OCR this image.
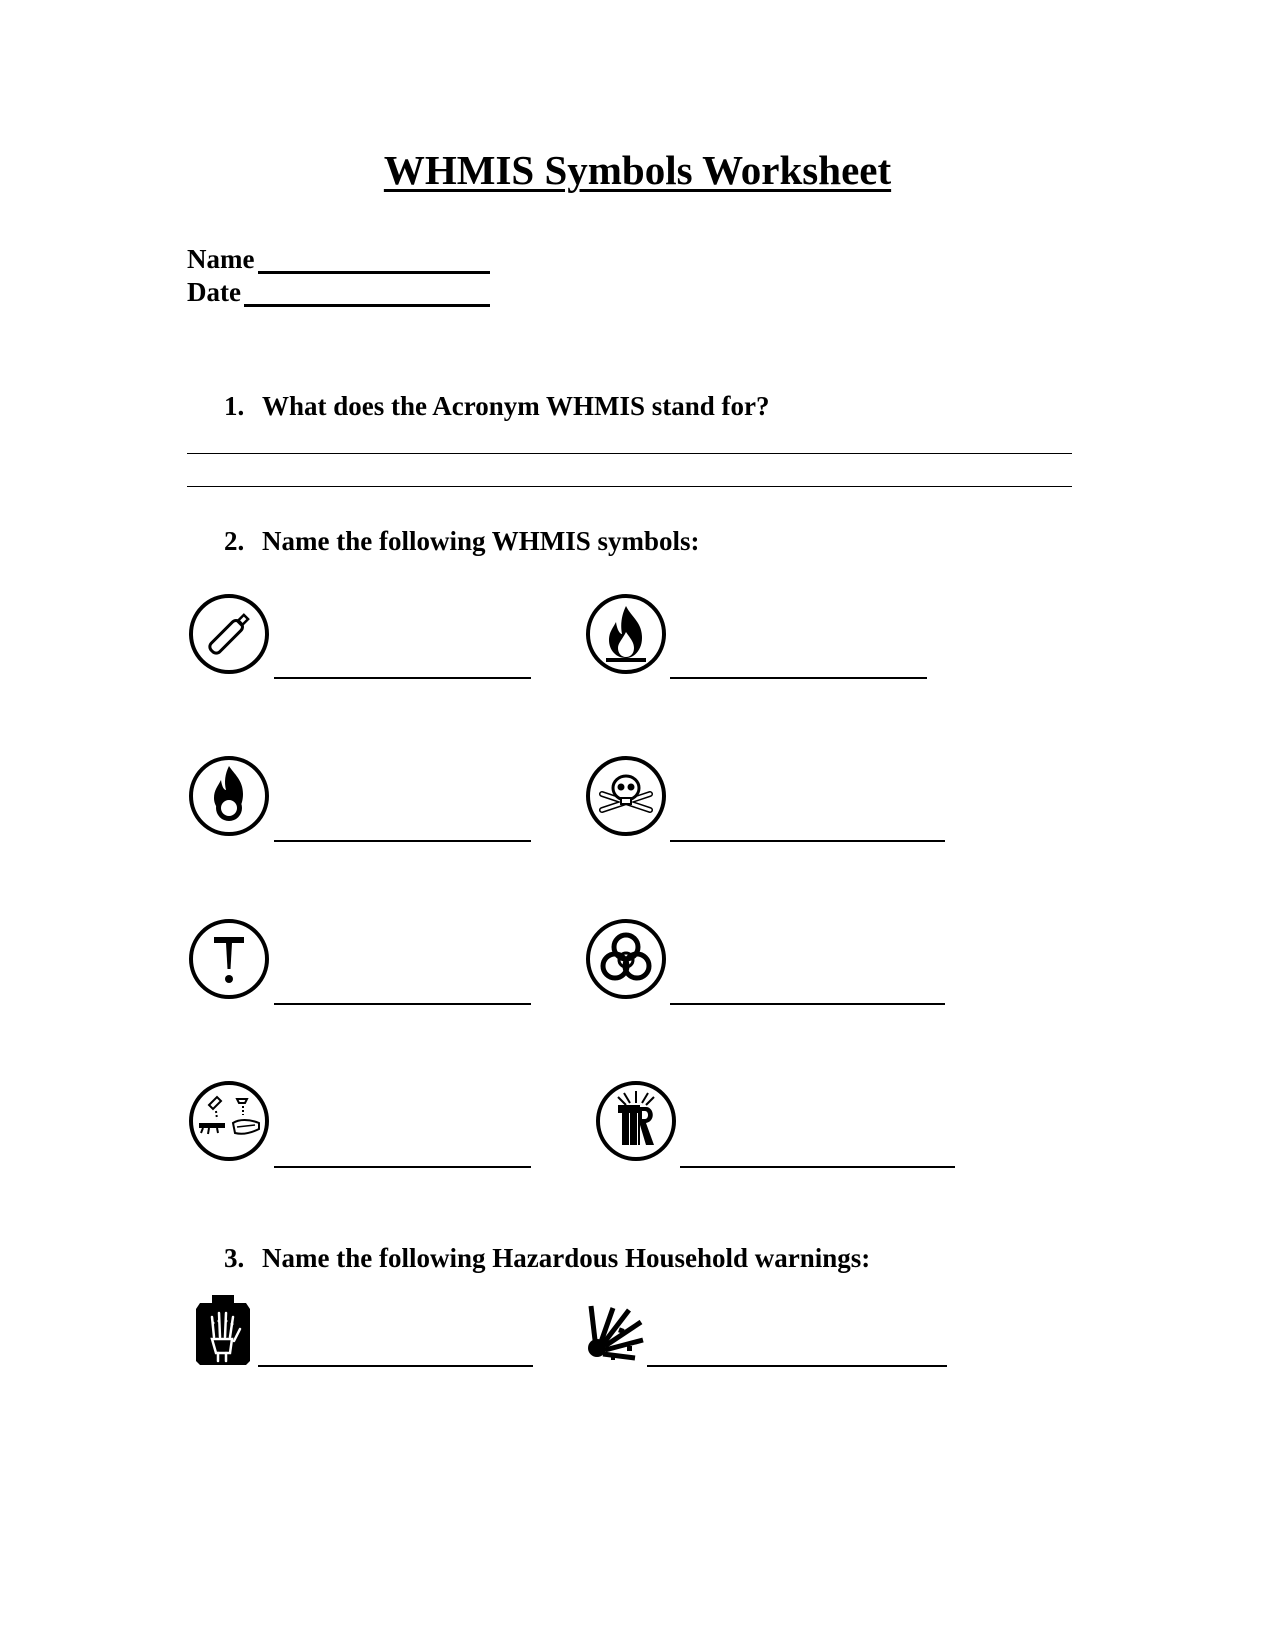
WHMIS Symbols Worksheet
Name
Date
1. What does the Acronym WHMIS stand for?
2. Name the following WHMIS symbols:
3. Name the following Hazardous Household warnings:
